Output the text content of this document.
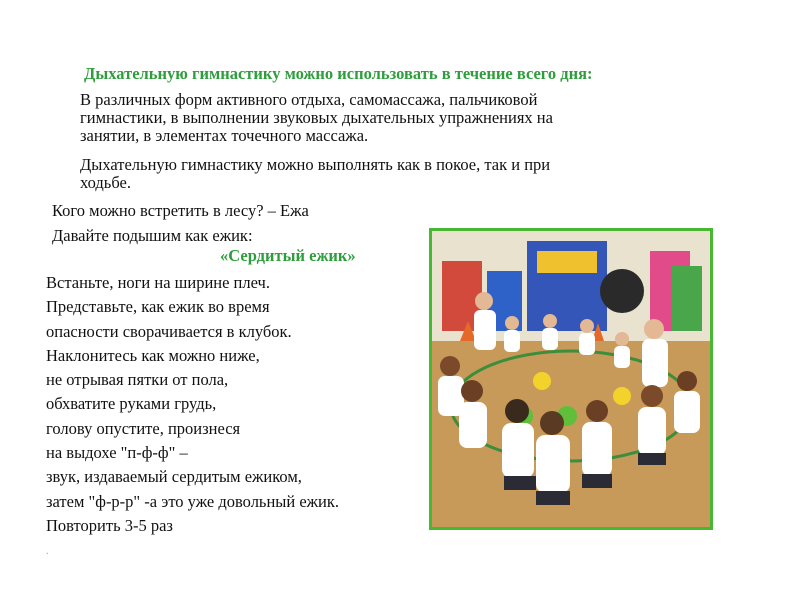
Дыхательную гимнастику можно использовать в течение всего дня:
В различных форм активного отдыха, самомассажа, пальчиковой
гимнастики, в выполнении звуковых дыхательных упражнениях на
занятии, в элементах точечного массажа.
Дыхательную гимнастику можно выполнять как в покое, так и при
ходьбе.
Кого можно встретить в лесу? – Ежа
Давайте подышим как ежик:
«Сердитый ежик»
Встаньте, ноги на ширине плеч.
Представьте, как ежик во время
опасности сворачивается в клубок.
Наклонитесь как можно ниже,
не отрывая пятки от пола,
обхватите руками грудь,
голову опустите, произнеся
на выдохе "п-ф-ф" –
звук, издаваемый сердитым ежиком,
затем "ф-р-р" -а это уже довольный ежик.
Повторить 3-5 раз
.
